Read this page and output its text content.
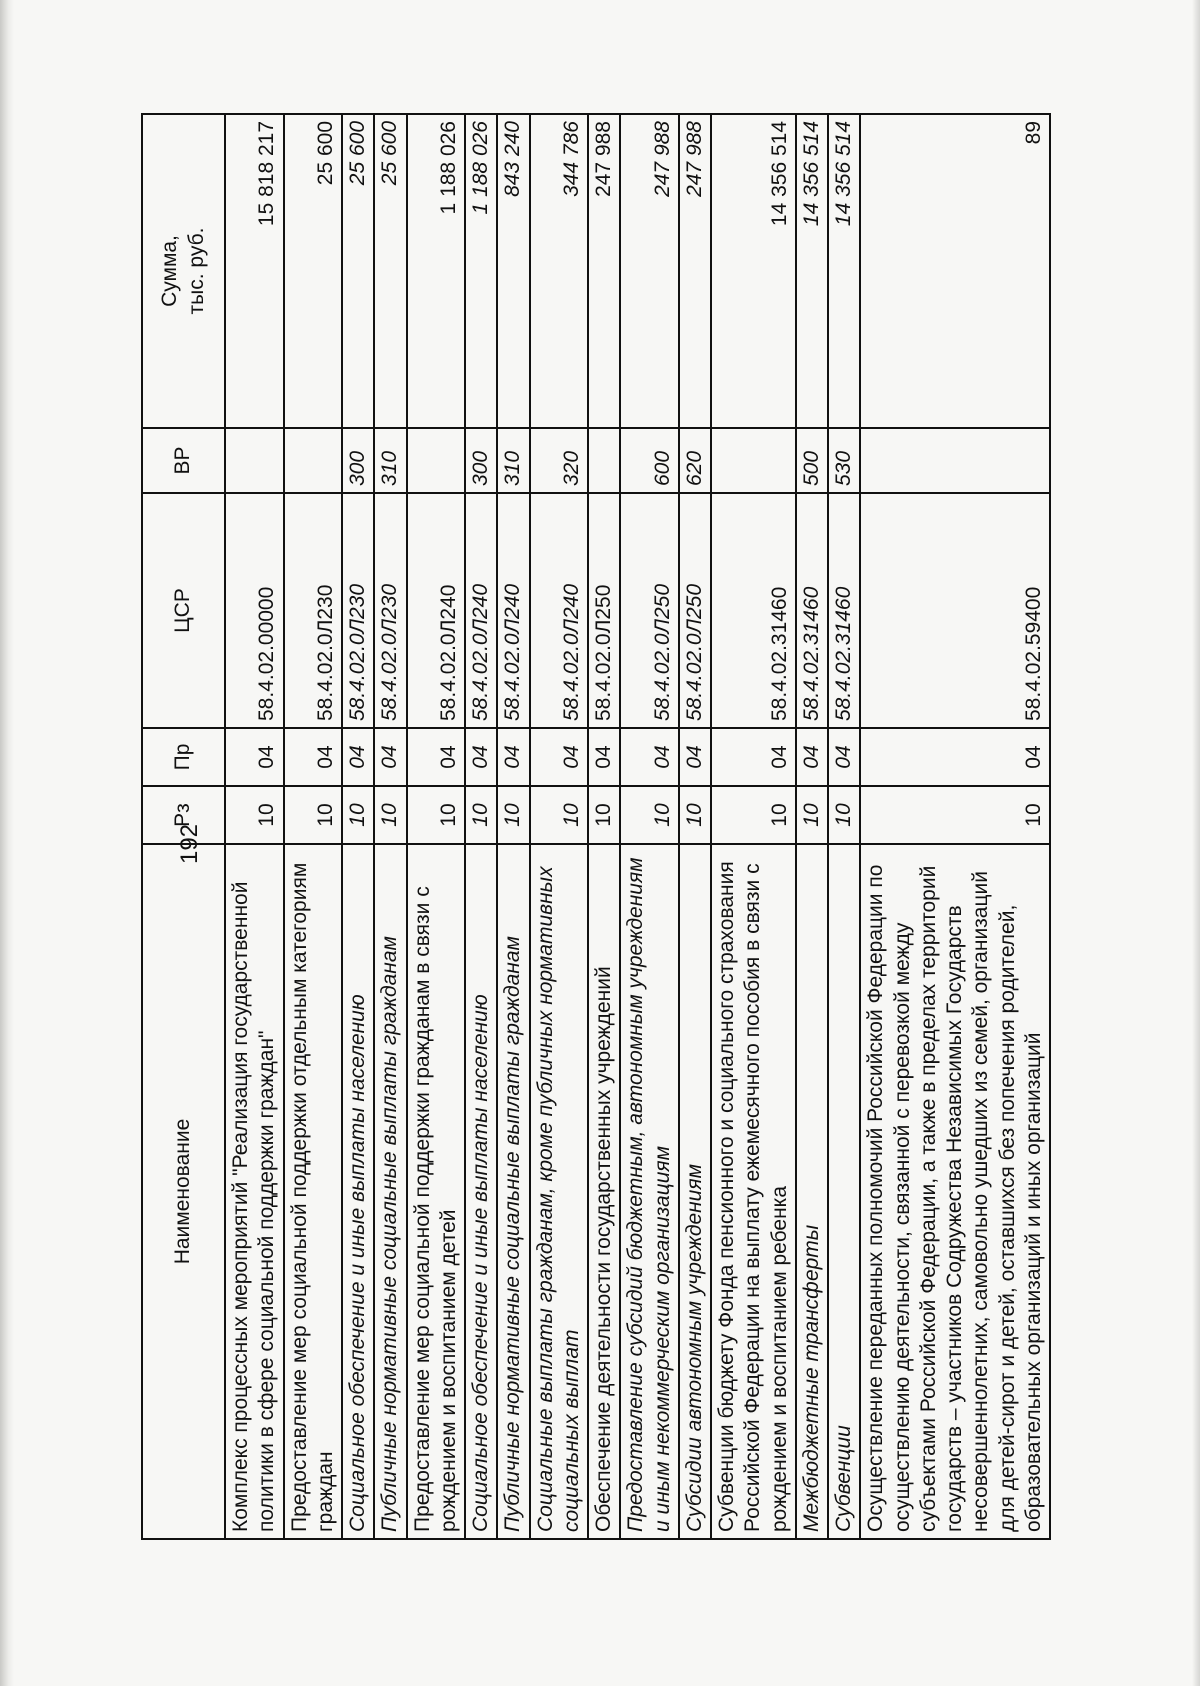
192
Наименование	Рз	Пр	ЦСР	ВР	Сумма, тыс. руб.

Комплекс процессных мероприятий "Реализация государственной политики в сфере социальной поддержки граждан"	10	04	58.4.02.00000		15 818 217
Предоставление мер социальной поддержки отдельным категориям граждан	10	04	58.4.02.0Л230		25 600
Социальное обеспечение и иные выплаты населению	10	04	58.4.02.0Л230	300	25 600
Публичные нормативные социальные выплаты гражданам	10	04	58.4.02.0Л230	310	25 600
Предоставление мер социальной поддержки гражданам в связи с рождением и воспитанием детей	10	04	58.4.02.0Л240		1 188 026
Социальное обеспечение и иные выплаты населению	10	04	58.4.02.0Л240	300	1 188 026
Публичные нормативные социальные выплаты гражданам	10	04	58.4.02.0Л240	310	843 240
Социальные выплаты гражданам, кроме публичных нормативных социальных выплат	10	04	58.4.02.0Л240	320	344 786
Обеспечение деятельности государственных учреждений	10	04	58.4.02.0Л250		247 988
Предоставление субсидий бюджетным, автономным учреждениям и иным некоммерческим организациям	10	04	58.4.02.0Л250	600	247 988
Субсидии автономным учреждениям	10	04	58.4.02.0Л250	620	247 988
Субвенции бюджету Фонда пенсионного и социального страхования Российской Федерации на выплату ежемесячного пособия в связи с рождением и воспитанием ребенка	10	04	58.4.02.31460		14 356 514
Межбюджетные трансферты	10	04	58.4.02.31460	500	14 356 514
Субвенции	10	04	58.4.02.31460	530	14 356 514
Осуществление переданных полномочий Российской Федерации по осуществлению деятельности, связанной с перевозкой между субъектами Российской Федерации, а также в пределах территорий государств – участников Содружества Независимых Государств несовершеннолетних, самовольно ушедших из семей, организаций для детей-сирот и детей, оставшихся без попечения родителей, образовательных организаций и иных организаций	10	04	58.4.02.59400		89
